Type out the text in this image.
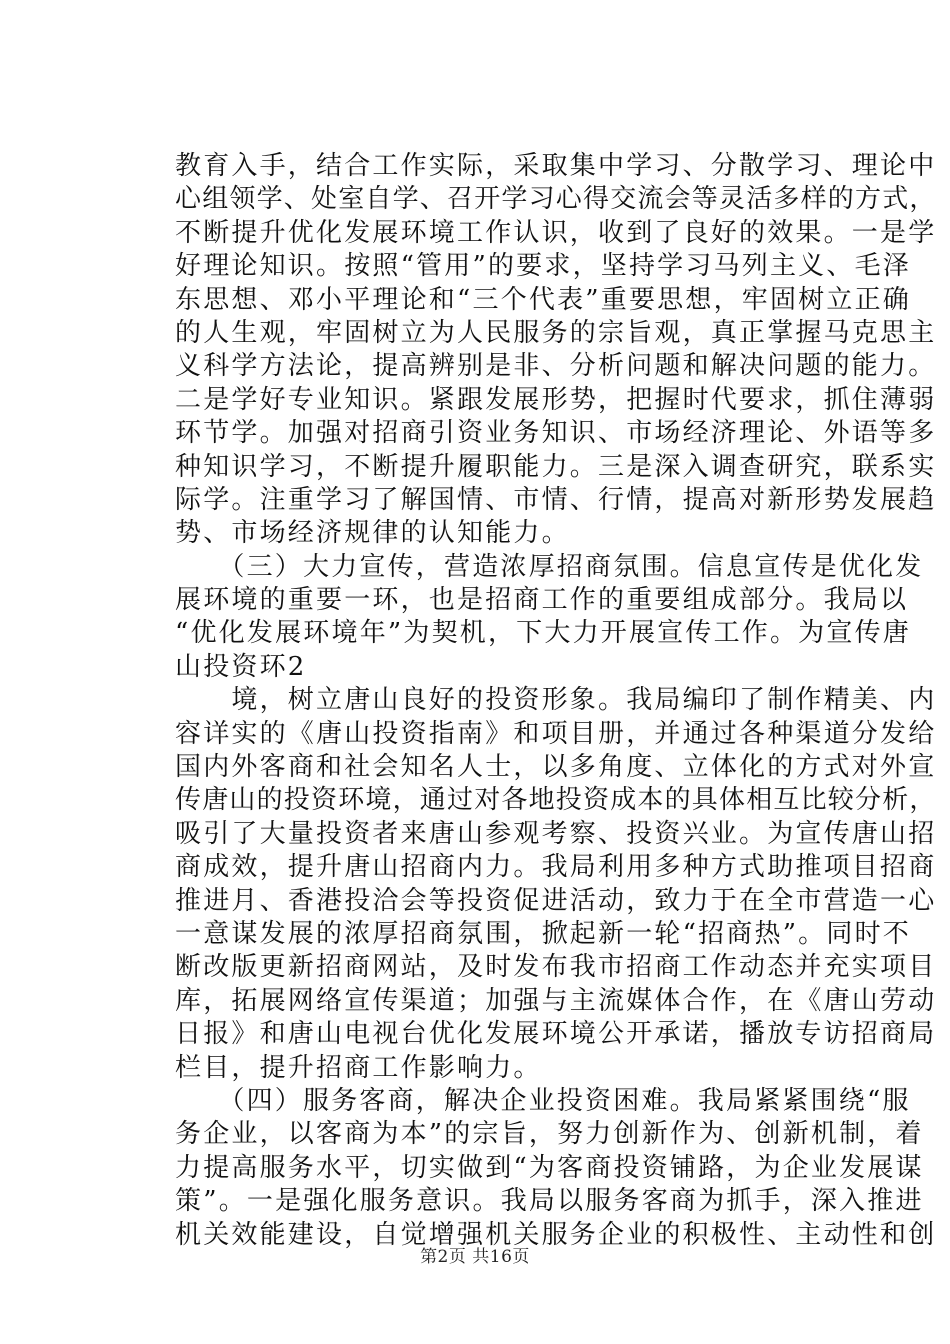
教育入手，结合工作实际，采取集中学习、分散学习、理论中
心组领学、处室自学、召开学习心得交流会等灵活多样的方式，
不断提升优化发展环境工作认识，收到了良好的效果。一是学
好理论知识。按照“管用”的要求，坚持学习马列主义、毛泽
东思想、邓小平理论和“三个代表”重要思想，牢固树立正确
的人生观，牢固树立为人民服务的宗旨观，真正掌握马克思主
义科学方法论，提高辨别是非、分析问题和解决问题的能力。
二是学好专业知识。紧跟发展形势，把握时代要求，抓住薄弱
环节学。加强对招商引资业务知识、市场经济理论、外语等多
种知识学习，不断提升履职能力。三是深入调查研究，联系实
际学。注重学习了解国情、市情、行情，提高对新形势发展趋
势、市场经济规律的认知能力。
　　（三）大力宣传，营造浓厚招商氛围。信息宣传是优化发
展环境的重要一环，也是招商工作的重要组成部分。我局以
“优化发展环境年”为契机，下大力开展宣传工作。为宣传唐
山投资环2
　　境，树立唐山良好的投资形象。我局编印了制作精美、内
容详实的《唐山投资指南》和项目册，并通过各种渠道分发给
国内外客商和社会知名人士，以多角度、立体化的方式对外宣
传唐山的投资环境，通过对各地投资成本的具体相互比较分析，
吸引了大量投资者来唐山参观考察、投资兴业。为宣传唐山招
商成效，提升唐山招商内力。我局利用多种方式助推项目招商
推进月、香港投洽会等投资促进活动，致力于在全市营造一心
一意谋发展的浓厚招商氛围，掀起新一轮“招商热”。同时不
断改版更新招商网站，及时发布我市招商工作动态并充实项目
库，拓展网络宣传渠道；加强与主流媒体合作，在《唐山劳动
日报》和唐山电视台优化发展环境公开承诺，播放专访招商局
栏目，提升招商工作影响力。
　　（四）服务客商，解决企业投资困难。我局紧紧围绕“服
务企业，以客商为本”的宗旨，努力创新作为、创新机制，着
力提高服务水平，切实做到“为客商投资铺路，为企业发展谋
策”。一是强化服务意识。我局以服务客商为抓手，深入推进
机关效能建设，自觉增强机关服务企业的积极性、主动性和创
第2页 共16页
